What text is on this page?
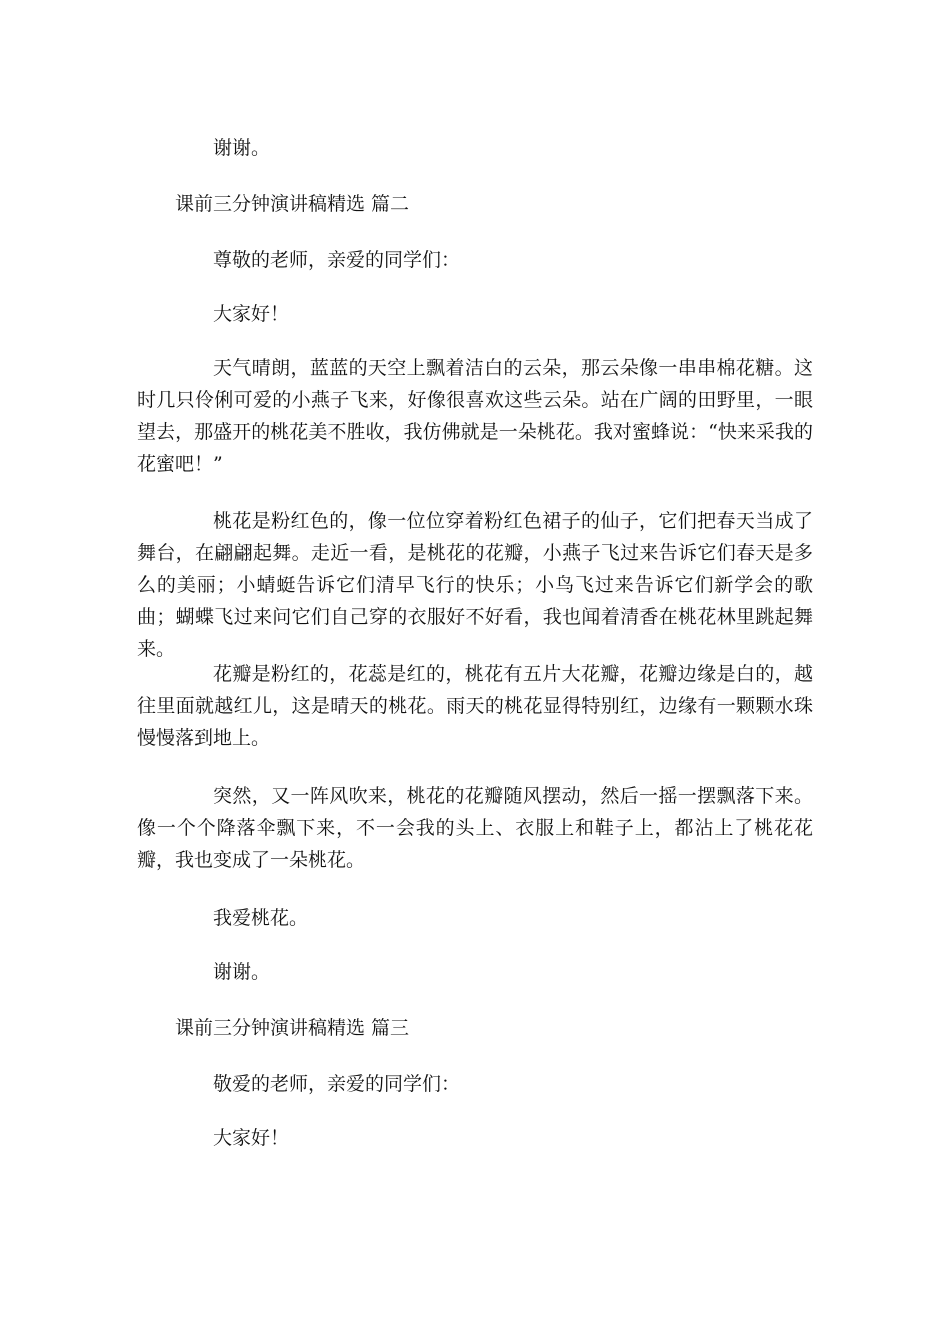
谢谢。

课前三分钟演讲稿精选 篇二

尊敬的老师，亲爱的同学们：

大家好！

天气晴朗，蓝蓝的天空上飘着洁白的云朵，那云朵像一串串棉花糖。这时几只伶俐可爱的小燕子飞来，好像很喜欢这些云朵。站在广阔的田野里，一眼望去，那盛开的桃花美不胜收，我仿佛就是一朵桃花。我对蜜蜂说：“快来采我的花蜜吧！”

桃花是粉红色的，像一位位穿着粉红色裙子的仙子，它们把春天当成了舞台，在翩翩起舞。走近一看，是桃花的花瓣，小燕子飞过来告诉它们春天是多么的美丽；小蜻蜓告诉它们清早飞行的快乐；小鸟飞过来告诉它们新学会的歌曲；蝴蝶飞过来问它们自己穿的衣服好不好看，我也闻着清香在桃花林里跳起舞来。

花瓣是粉红的，花蕊是红的，桃花有五片大花瓣，花瓣边缘是白的，越往里面就越红儿，这是晴天的桃花。雨天的桃花显得特别红，边缘有一颗颗水珠慢慢落到地上。

突然，又一阵风吹来，桃花的花瓣随风摆动，然后一摇一摆飘落下来。像一个个降落伞飘下来，不一会我的头上、衣服上和鞋子上，都沾上了桃花花瓣，我也变成了一朵桃花。

我爱桃花。

谢谢。

课前三分钟演讲稿精选 篇三

敬爱的老师，亲爱的同学们：

大家好！
